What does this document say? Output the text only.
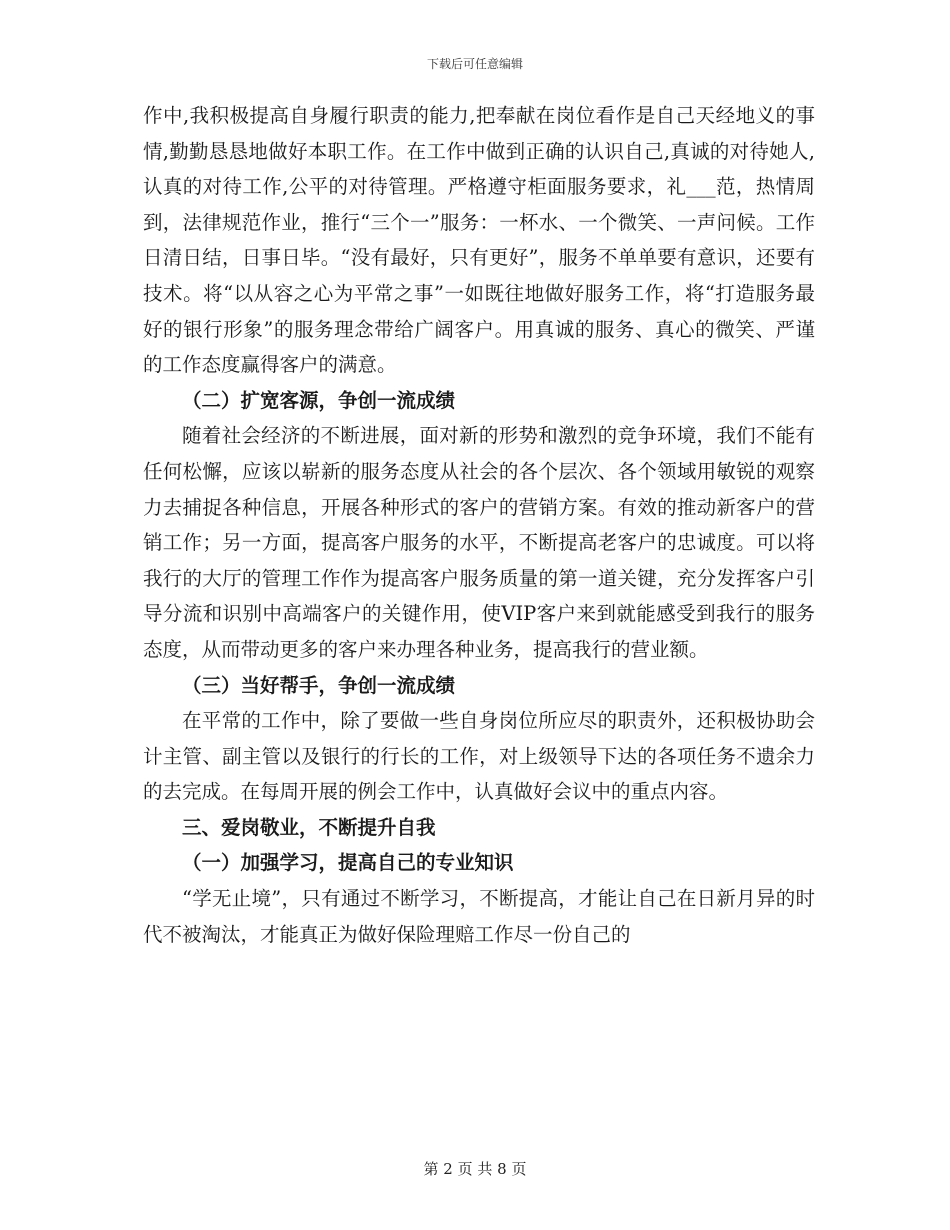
下载后可任意编辑

作中,我积极提高自身履行职责的能力,把奉献在岗位看作是自己天经地义的事情,勤勤恳恳地做好本职工作。在工作中做到正确的认识自己,真诚的对待她人,认真的对待工作,公平的对待管理。严格遵守柜面服务要求，礼___范，热情周到，法律规范作业，推行“三个一”服务：一杯水、一个微笑、一声问候。工作日清日结，日事日毕。“没有最好，只有更好”，服务不单单要有意识，还要有技术。将“以从容之心为平常之事”一如既往地做好服务工作，将“打造服务最好的银行形象”的服务理念带给广阔客户。用真诚的服务、真心的微笑、严谨的工作态度赢得客户的满意。

（二）扩宽客源，争创一流成绩

随着社会经济的不断进展，面对新的形势和激烈的竞争环境，我们不能有任何松懈，应该以崭新的服务态度从社会的各个层次、各个领域用敏锐的观察力去捕捉各种信息，开展各种形式的客户的营销方案。有效的推动新客户的营销工作；另一方面，提高客户服务的水平，不断提高老客户的忠诚度。可以将我行的大厅的管理工作作为提高客户服务质量的第一道关键，充分发挥客户引导分流和识别中高端客户的关键作用，使VIP客户来到就能感受到我行的服务态度，从而带动更多的客户来办理各种业务，提高我行的营业额。

（三）当好帮手，争创一流成绩

在平常的工作中，除了要做一些自身岗位所应尽的职责外，还积极协助会计主管、副主管以及银行的行长的工作，对上级领导下达的各项任务不遗余力的去完成。在每周开展的例会工作中，认真做好会议中的重点内容。

三、爱岗敬业，不断提升自我

（一）加强学习，提高自己的专业知识

“学无止境”，只有通过不断学习，不断提高，才能让自己在日新月异的时代不被淘汰，才能真正为做好保险理赔工作尽一份自己的

第 2 页 共 8 页
